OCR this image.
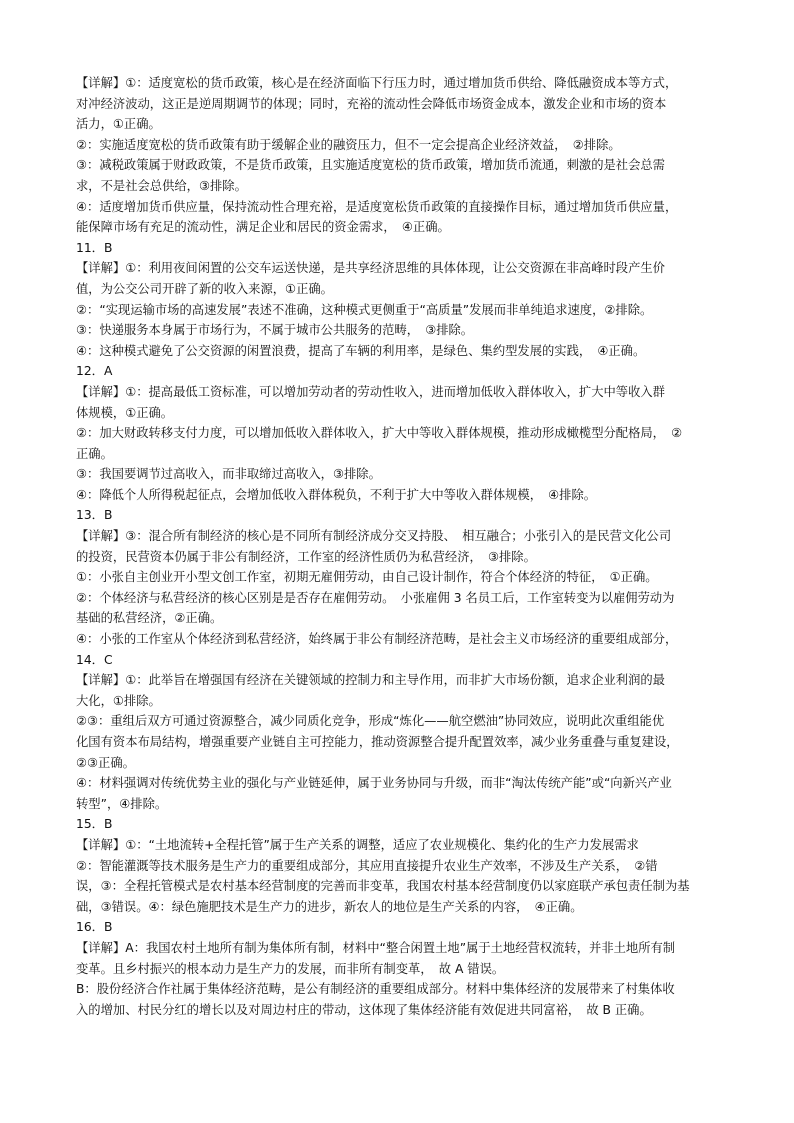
【详解】①：适度宽松的货币政策，核心是在经济面临下行压力时，通过增加货币供给、降低融资成本等方式，
对冲经济波动，这正是逆周期调节的体现；同时，充裕的流动性会降低市场资金成本，激发企业和市场的资本
活力，①正确。
②：实施适度宽松的货币政策有助于缓解企业的融资压力，但不一定会提高企业经济效益，　②排除。
③：减税政策属于财政政策，不是货币政策，且实施适度宽松的货币政策，增加货币流通，刺激的是社会总需
求，不是社会总供给，③排除。
④：适度增加货币供应量，保持流动性合理充裕，是适度宽松货币政策的直接操作目标，通过增加货币供应量，
能保障市场有充足的流动性，满足企业和居民的资金需求，　④正确。
11．B
【详解】①：利用夜间闲置的公交车运送快递，是共享经济思维的具体体现，让公交资源在非高峰时段产生价
值，为公交公司开辟了新的收入来源，①正确。
②：“实现运输市场的高速发展”表述不准确，这种模式更侧重于“高质量”发展而非单纯追求速度，②排除。
③：快递服务本身属于市场行为，不属于城市公共服务的范畴，　③排除。
④：这种模式避免了公交资源的闲置浪费，提高了车辆的利用率，是绿色、集约型发展的实践，　④正确。
12．A
【详解】①：提高最低工资标准，可以增加劳动者的劳动性收入，进而增加低收入群体收入，扩大中等收入群
体规模，①正确。
②：加大财政转移支付力度，可以增加低收入群体收入，扩大中等收入群体规模，推动形成橄榄型分配格局，　②
正确。
③：我国要调节过高收入，而非取缔过高收入，③排除。
④：降低个人所得税起征点，会增加低收入群体税负，不利于扩大中等收入群体规模，　④排除。
13．B
【详解】③：混合所有制经济的核心是不同所有制经济成分交叉持股、　相互融合；小张引入的是民营文化公司
的投资，民营资本仍属于非公有制经济，工作室的经济性质仍为私营经济，　③排除。
①：小张自主创业开小型文创工作室，初期无雇佣劳动，由自己设计制作，符合个体经济的特征，　①正确。
②：个体经济与私营经济的核心区别是是否存在雇佣劳动。　小张雇佣 3 名员工后，工作室转变为以雇佣劳动为
基础的私营经济，②正确。
④：小张的工作室从个体经济到私营经济，始终属于非公有制经济范畴，是社会主义市场经济的重要组成部分，
14．C
【详解】①：此举旨在增强国有经济在关键领域的控制力和主导作用，而非扩大市场份额，追求企业利润的最
大化，①排除。
②③：重组后双方可通过资源整合，减少同质化竞争，形成“炼化——航空燃油”协同效应，说明此次重组能优
化国有资本布局结构，增强重要产业链自主可控能力，推动资源整合提升配置效率，减少业务重叠与重复建设，
②③正确。
④：材料强调对传统优势主业的强化与产业链延伸，属于业务协同与升级，而非“淘汰传统产能”或“向新兴产业
转型”，④排除。
15．B
【详解】①：“土地流转+全程托管”属于生产关系的调整，适应了农业规模化、集约化的生产力发展需求
②：智能灌溉等技术服务是生产力的重要组成部分，其应用直接提升农业生产效率，不涉及生产关系，　②错
误，③：全程托管模式是农村基本经营制度的完善而非变革，我国农村基本经营制度仍以家庭联产承包责任制为基
础，③错误。④：绿色施肥技术是生产力的进步，新农人的地位是生产关系的内容，　④正确。
16．B
【详解】A：我国农村土地所有制为集体所有制，材料中“整合闲置土地”属于土地经营权流转，并非土地所有制
变革。且乡村振兴的根本动力是生产力的发展，而非所有制变革，　故 A 错误。
B：股份经济合作社属于集体经济范畴，是公有制经济的重要组成部分。材料中集体经济的发展带来了村集体收
入的增加、村民分红的增长以及对周边村庄的带动，这体现了集体经济能有效促进共同富裕，　故 B 正确。
